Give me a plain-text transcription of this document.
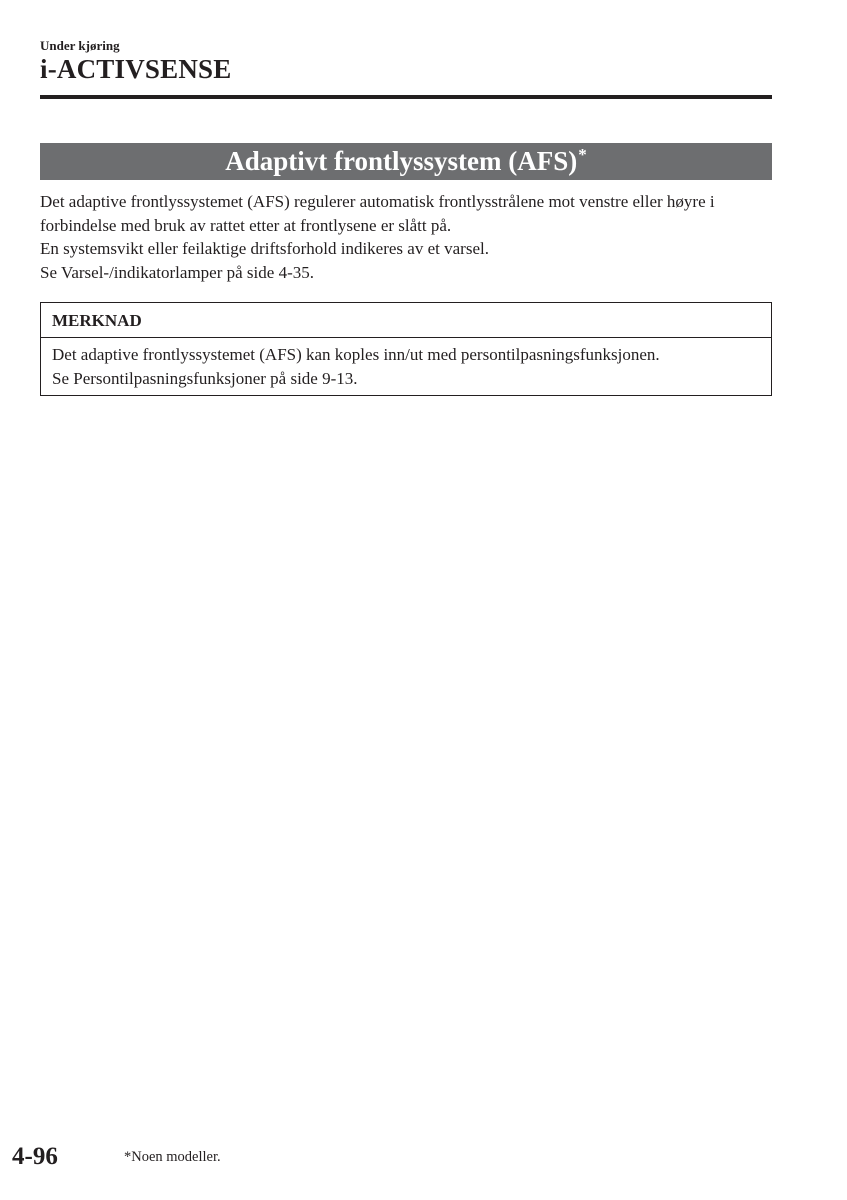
Under kjøring
i-ACTIVSENSE
Adaptivt frontlyssystem (AFS)*

Det adaptive frontlyssystemet (AFS) regulerer automatisk frontlysstrålene mot venstre eller høyre i forbindelse med bruk av rattet etter at frontlysene er slått på.

En systemsvikt eller feilaktige driftsforhold indikeres av et varsel.

Se Varsel-/indikatorlamper på side 4-35.

MERKNAD

Det adaptive frontlyssystemet (AFS) kan koples inn/ut med persontilpasningsfunksjonen.

Se Persontilpasningsfunksjoner på side 9-13.

4-96	*Noen modeller.
